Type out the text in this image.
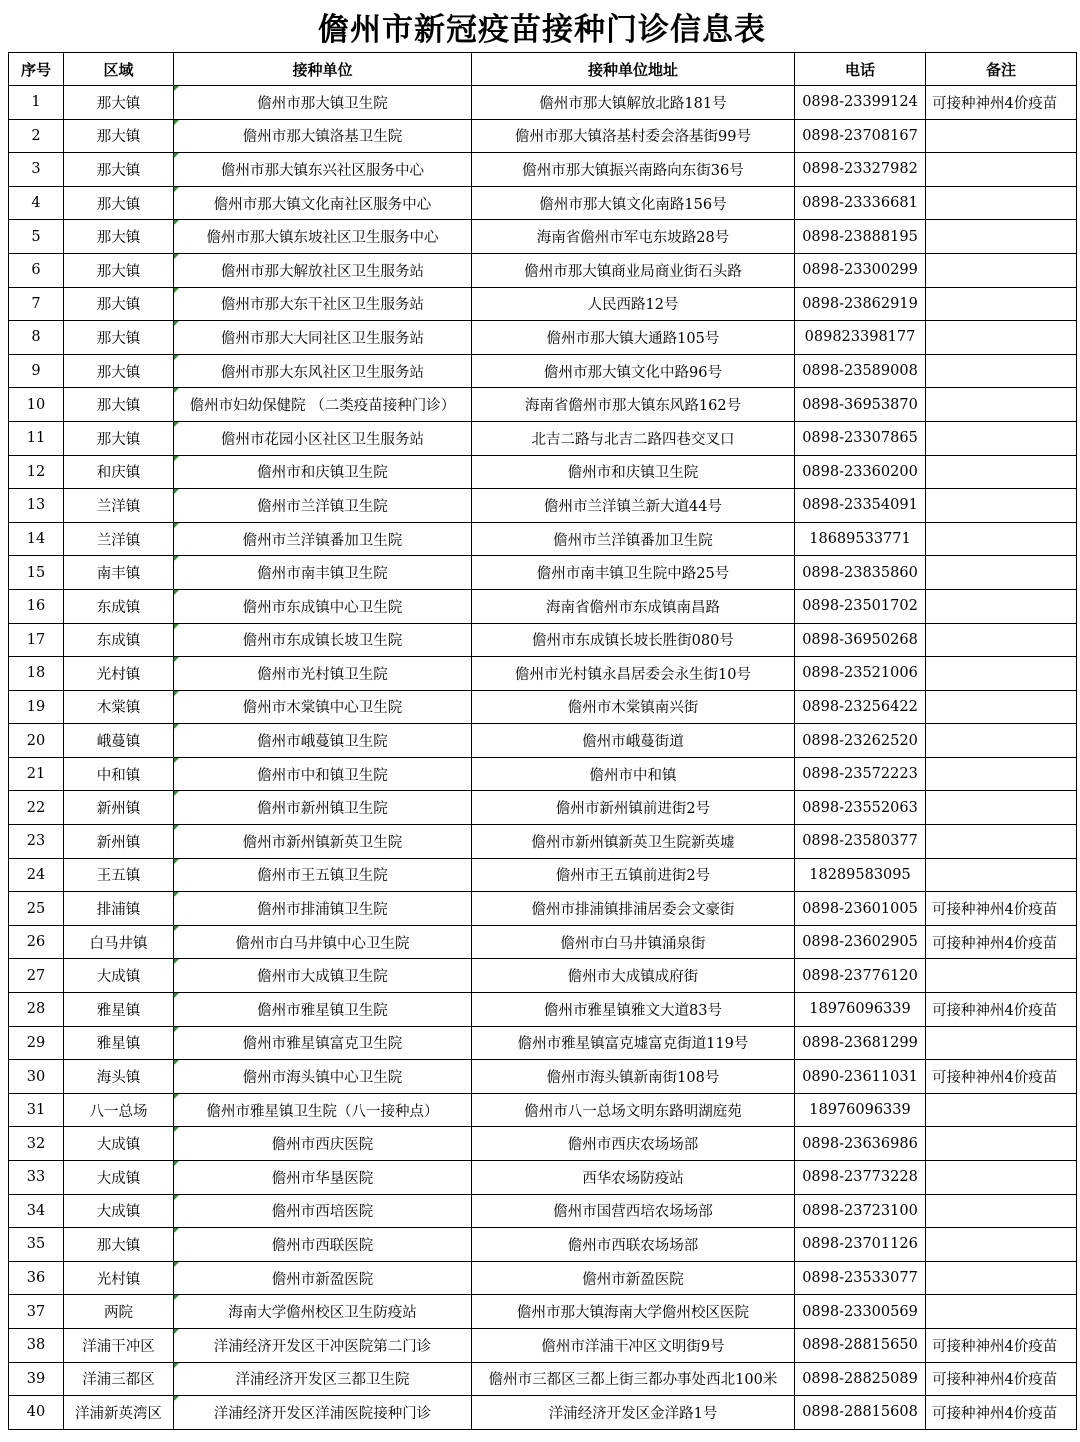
儋州市新冠疫苗接种门诊信息表
序号	区域	接种单位	接种单位地址	电话	备注
1	那大镇	儋州市那大镇卫生院	儋州市那大镇解放北路181号	0898-23399124	可接种神州4价疫苗
2	那大镇	儋州市那大镇洛基卫生院	儋州市那大镇洛基村委会洛基街99号	0898-23708167	
3	那大镇	儋州市那大镇东兴社区服务中心	儋州市那大镇振兴南路向东街36号	0898-23327982	
4	那大镇	儋州市那大镇文化南社区服务中心	儋州市那大镇文化南路156号	0898-23336681	
5	那大镇	儋州市那大镇东坡社区卫生服务中心	海南省儋州市军屯东坡路28号	0898-23888195	
6	那大镇	儋州市那大解放社区卫生服务站	儋州市那大镇商业局商业街石头路	0898-23300299	
7	那大镇	儋州市那大东干社区卫生服务站	人民西路12号	0898-23862919	
8	那大镇	儋州市那大大同社区卫生服务站	儋州市那大镇大通路105号	089823398177	
9	那大镇	儋州市那大东风社区卫生服务站	儋州市那大镇文化中路96号	0898-23589008	
10	那大镇	儋州市妇幼保健院 （二类疫苗接种门诊）	海南省儋州市那大镇东风路162号	0898-36953870	
11	那大镇	儋州市花园小区社区卫生服务站	北吉二路与北吉二路四巷交叉口	0898-23307865	
12	和庆镇	儋州市和庆镇卫生院	儋州市和庆镇卫生院	0898-23360200	
13	兰洋镇	儋州市兰洋镇卫生院	儋州市兰洋镇兰新大道44号	0898-23354091	
14	兰洋镇	儋州市兰洋镇番加卫生院	儋州市兰洋镇番加卫生院	18689533771	
15	南丰镇	儋州市南丰镇卫生院	儋州市南丰镇卫生院中路25号	0898-23835860	
16	东成镇	儋州市东成镇中心卫生院	海南省儋州市东成镇南昌路	0898-23501702	
17	东成镇	儋州市东成镇长坡卫生院	儋州市东成镇长坡长胜街080号	0898-36950268	
18	光村镇	儋州市光村镇卫生院	儋州市光村镇永昌居委会永生街10号	0898-23521006	
19	木棠镇	儋州市木棠镇中心卫生院	儋州市木棠镇南兴街	0898-23256422	
20	峨蔓镇	儋州市峨蔓镇卫生院	儋州市峨蔓街道	0898-23262520	
21	中和镇	儋州市中和镇卫生院	儋州市中和镇	0898-23572223	
22	新州镇	儋州市新州镇卫生院	儋州市新州镇前进街2号	0898-23552063	
23	新州镇	儋州市新州镇新英卫生院	儋州市新州镇新英卫生院新英墟	0898-23580377	
24	王五镇	儋州市王五镇卫生院	儋州市王五镇前进街2号	18289583095	
25	排浦镇	儋州市排浦镇卫生院	儋州市排浦镇排浦居委会文豪街	0898-23601005	可接种神州4价疫苗
26	白马井镇	儋州市白马井镇中心卫生院	儋州市白马井镇涌泉街	0898-23602905	可接种神州4价疫苗
27	大成镇	儋州市大成镇卫生院	儋州市大成镇成府街	0898-23776120	
28	雅星镇	儋州市雅星镇卫生院	儋州市雅星镇雅文大道83号	18976096339	可接种神州4价疫苗
29	雅星镇	儋州市雅星镇富克卫生院	儋州市雅星镇富克墟富克街道119号	0898-23681299	
30	海头镇	儋州市海头镇中心卫生院	儋州市海头镇新南街108号	0890-23611031	可接种神州4价疫苗
31	八一总场	儋州市雅星镇卫生院（八一接种点）	儋州市八一总场文明东路明湖庭苑	18976096339	
32	大成镇	儋州市西庆医院	儋州市西庆农场场部	0898-23636986	
33	大成镇	儋州市华垦医院	西华农场防疫站	0898-23773228	
34	大成镇	儋州市西培医院	儋州市国营西培农场场部	0898-23723100	
35	那大镇	儋州市西联医院	儋州市西联农场场部	0898-23701126	
36	光村镇	儋州市新盈医院	儋州市新盈医院	0898-23533077	
37	两院	海南大学儋州校区卫生防疫站	儋州市那大镇海南大学儋州校区医院	0898-23300569	
38	洋浦干冲区	洋浦经济开发区干冲医院第二门诊	儋州市洋浦干冲区文明街9号	0898-28815650	可接种神州4价疫苗
39	洋浦三都区	洋浦经济开发区三都卫生院	儋州市三都区三都上街三都办事处西北100米	0898-28825089	可接种神州4价疫苗
40	洋浦新英湾区	洋浦经济开发区洋浦医院接种门诊	洋浦经济开发区金洋路1号	0898-28815608	可接种神州4价疫苗
